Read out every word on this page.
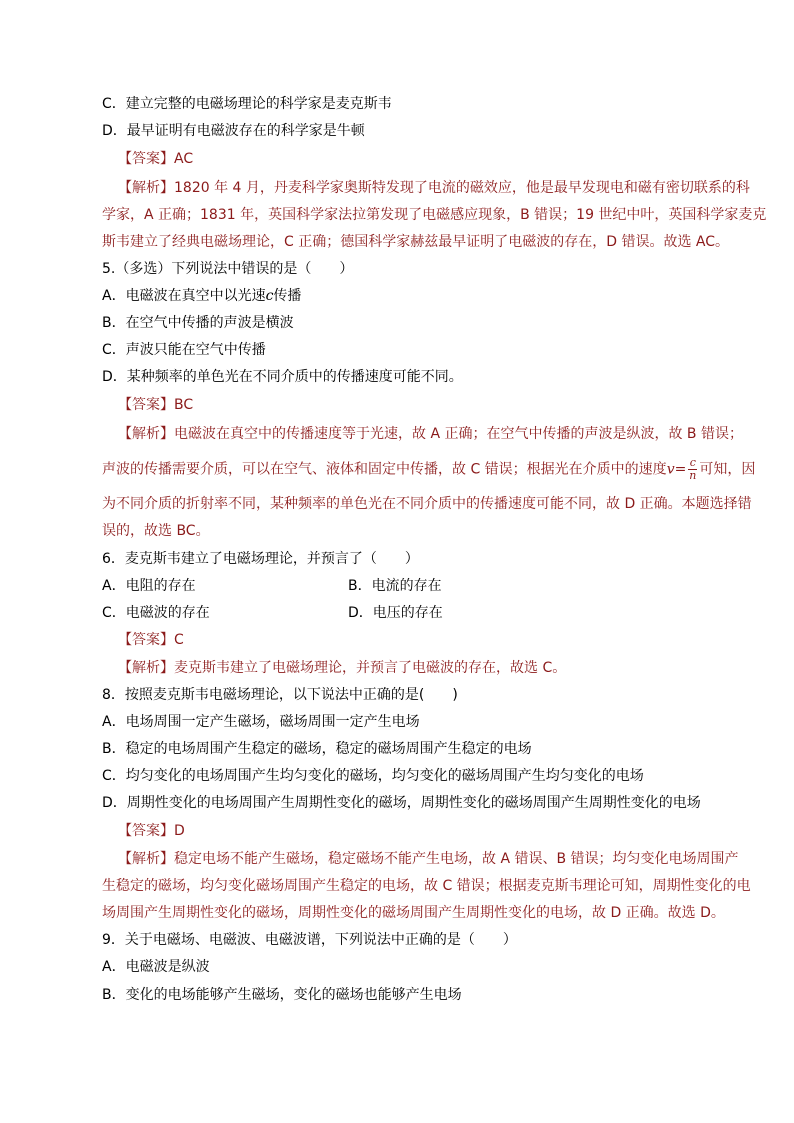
C．建立完整的电磁场理论的科学家是麦克斯韦
D．最早证明有电磁波存在的科学家是牛顿
【答案】AC
【解析】1820 年 4 月，丹麦科学家奥斯特发现了电流的磁效应，他是最早发现电和磁有密切联系的科
学家，A 正确；1831 年，英国科学家法拉第发现了电磁感应现象，B 错误；19 世纪中叶，英国科学家麦克
斯韦建立了经典电磁场理论，C 正确；德国科学家赫兹最早证明了电磁波的存在，D 错误。故选 AC。
5.（多选）下列说法中错误的是（　　）
A．电磁波在真空中以光速c传播
B．在空气中传播的声波是横波
C．声波只能在空气中传播
D．某种频率的单色光在不同介质中的传播速度可能不同。
【答案】BC
【解析】电磁波在真空中的传播速度等于光速，故 A 正确；在空气中传播的声波是纵波，故 B 错误；
声波的传播需要介质，可以在空气、液体和固定中传播，故 C 错误；根据光在介质中的速度$v= \frac{c}{n}$ 可知，因
为不同介质的折射率不同，某种频率的单色光在不同介质中的传播速度可能不同，故 D 正确。本题选择错
误的，故选 BC。
6．麦克斯韦建立了电磁场理论，并预言了（　　）
A．电阻的存在	B．电流的存在
C．电磁波的存在	D．电压的存在
【答案】C
【解析】麦克斯韦建立了电磁场理论，并预言了电磁波的存在，故选 C。
8．按照麦克斯韦电磁场理论，以下说法中正确的是(　　)
A．电场周围一定产生磁场，磁场周围一定产生电场
B．稳定的电场周围产生稳定的磁场，稳定的磁场周围产生稳定的电场
C．均匀变化的电场周围产生均匀变化的磁场，均匀变化的磁场周围产生均匀变化的电场
D．周期性变化的电场周围产生周期性变化的磁场，周期性变化的磁场周围产生周期性变化的电场
【答案】D
【解析】稳定电场不能产生磁场，稳定磁场不能产生电场，故 A 错误、B 错误；均匀变化电场周围产
生稳定的磁场，均匀变化磁场周围产生稳定的电场，故 C 错误；根据麦克斯韦理论可知，周期性变化的电
场周围产生周期性变化的磁场，周期性变化的磁场周围产生周期性变化的电场，故 D 正确。故选 D。
9．关于电磁场、电磁波、电磁波谱，下列说法中正确的是（　　）
A．电磁波是纵波
B．变化的电场能够产生磁场，变化的磁场也能够产生电场
